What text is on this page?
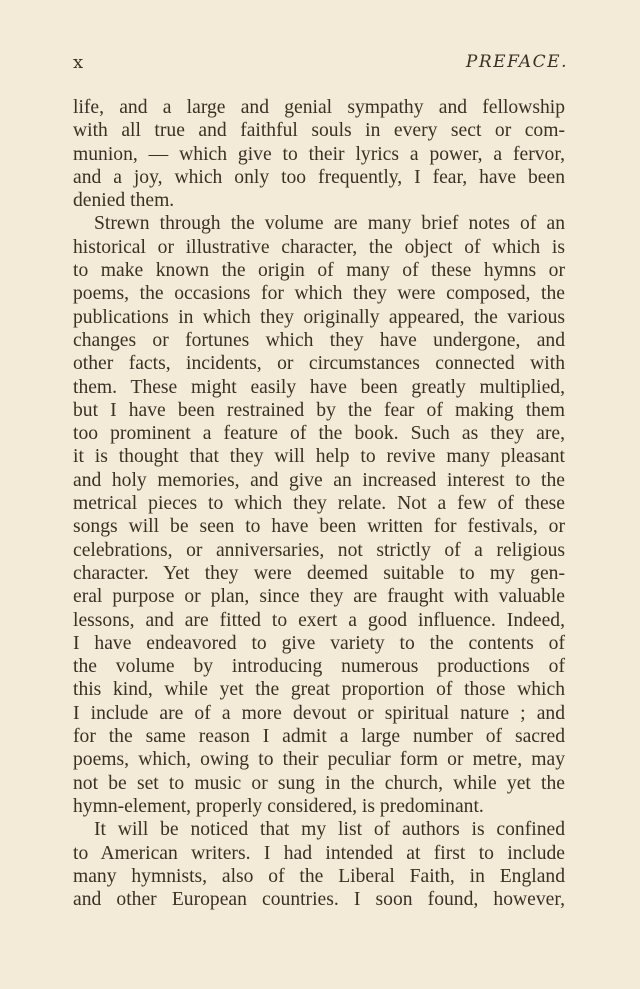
x	PREFACE.
life, and a large and genial sympathy and fellowship
with all true and faithful souls in every sect or com-
munion, — which give to their lyrics a power, a fervor,
and a joy, which only too frequently, I fear, have been
denied them.
Strewn through the volume are many brief notes of an
historical or illustrative character, the object of which is
to make known the origin of many of these hymns or
poems, the occasions for which they were composed, the
publications in which they originally appeared, the various
changes or fortunes which they have undergone, and
other facts, incidents, or circumstances connected with
them. These might easily have been greatly multiplied,
but I have been restrained by the fear of making them
too prominent a feature of the book. Such as they are,
it is thought that they will help to revive many pleasant
and holy memories, and give an increased interest to the
metrical pieces to which they relate. Not a few of these
songs will be seen to have been written for festivals, or
celebrations, or anniversaries, not strictly of a religious
character. Yet they were deemed suitable to my gen-
eral purpose or plan, since they are fraught with valuable
lessons, and are fitted to exert a good influence. Indeed,
I have endeavored to give variety to the contents of
the volume by introducing numerous productions of
this kind, while yet the great proportion of those which
I include are of a more devout or spiritual nature ; and
for the same reason I admit a large number of sacred
poems, which, owing to their peculiar form or metre, may
not be set to music or sung in the church, while yet the
hymn-element, properly considered, is predominant.
It will be noticed that my list of authors is confined
to American writers. I had intended at first to include
many hymnists, also of the Liberal Faith, in England
and other European countries. I soon found, however,
